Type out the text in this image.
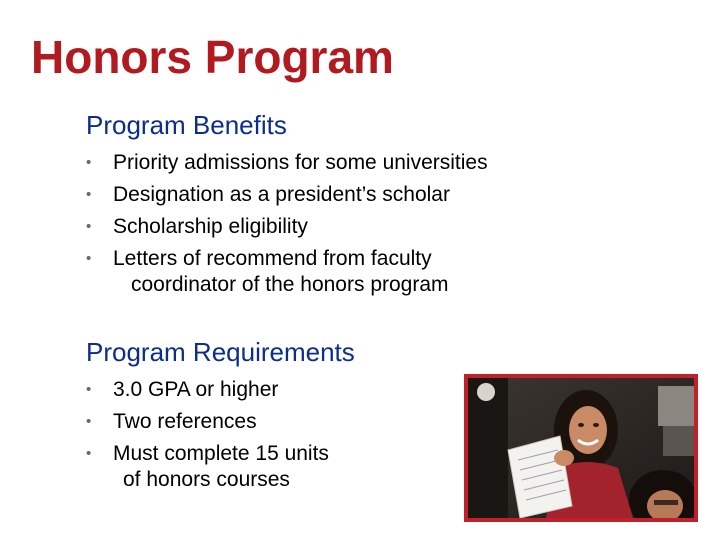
Honors Program
Program Benefits
• Priority admissions for some universities
• Designation as a president’s scholar
• Scholarship eligibility
• Letters of recommend from faculty
coordinator of the honors program
Program Requirements
• 3.0 GPA or higher
• Two references
• Must complete 15 units
of honors courses
